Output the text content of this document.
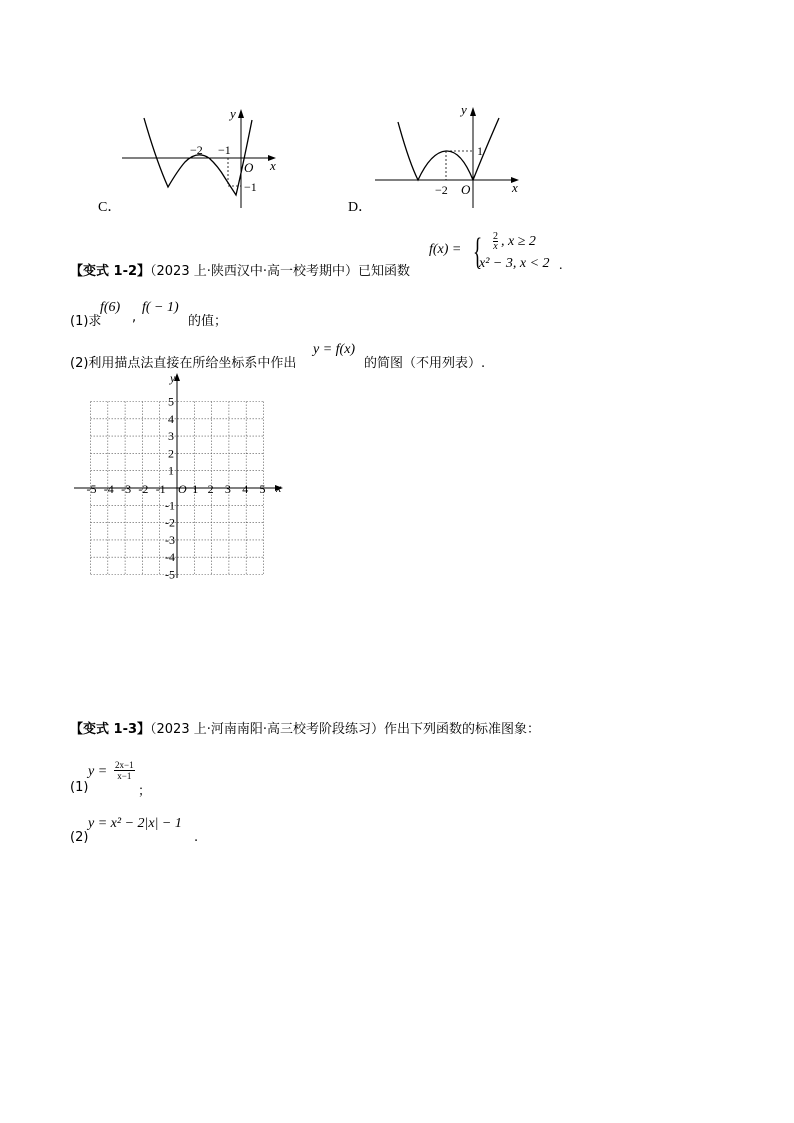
y
x
O
−2 −1
−1
C．
y
x
O
−2
1
D．
【变式 1-2】（2023 上·陕西汉中·高一校考期中）已知函数
f(x) = { $\frac{2}{x}$ , x ≥ 2
x² − 3, x < 2 .
(1)求
f(6)
,
f( − 1)
的值；
(2)利用描点法直接在所给坐标系中作出
y = f(x)
的简图（不用列表）.
y
x
O
-5 -4 -3 -2 -1 1 2 3 4 5
5
4
3
2
1
-1
-2
-3
-4
-5
【变式 1-3】（2023 上·河南南阳·高三校考阶段练习）作出下列函数的标准图象：
(1)
$y = \frac{2x-1}{x-1}$
；
(2)
y = x² − 2|x| − 1
.
